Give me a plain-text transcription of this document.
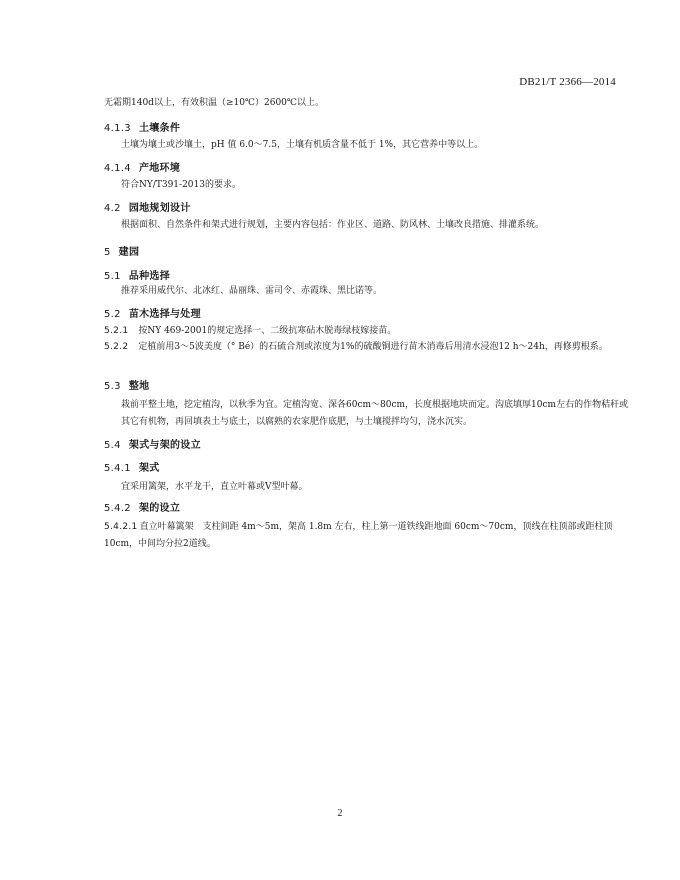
DB21/T 2366—2014
无霜期140d以上，有效积温（≥10℃）2600℃以上。
4.1.3 土壤条件
土壤为壤土或沙壤土，pH 值 6.0～7.5，土壤有机质含量不低于 1%，其它营养中等以上。
4.1.4 产地环境
符合NY/T391-2013的要求。
4.2 园地规划设计
根据面积、自然条件和架式进行规划，主要内容包括：作业区、道路、防风林、土壤改良措施、排灌系统。
5 建园
5.1 品种选择
推荐采用威代尔、北冰红、晶丽珠、雷司令、赤霞珠、黑比诺等。
5.2 苗木选择与处理
5.2.1 按NY 469-2001的规定选择一、二级抗寒砧木脱毒绿枝嫁接苗。
5.2.2 定植前用3～5波美度（° Bé）的石硫合剂或浓度为1%的硫酸铜进行苗木消毒后用清水浸泡12 h～24h，再修剪根系。
5.3 整地
栽前平整土地，挖定植沟，以秋季为宜。定植沟宽、深各60cm～80cm，长度根据地块而定。沟底填厚10cm左右的作物秸秆或其它有机物，再回填表土与底土，以腐熟的农家肥作底肥，与土壤搅拌均匀，浇水沉实。
5.4 架式与架的设立
5.4.1 架式
宜采用篱架，水平龙干，直立叶幕或V型叶幕。
5.4.2 架的设立
5.4.2.1 直立叶幕篱架　支柱间距 4m～5m，架高 1.8m 左右，柱上第一道铁线距地面 60cm～70cm，顶线在柱顶部或距柱顶10cm，中间均分拉2道线。
2
